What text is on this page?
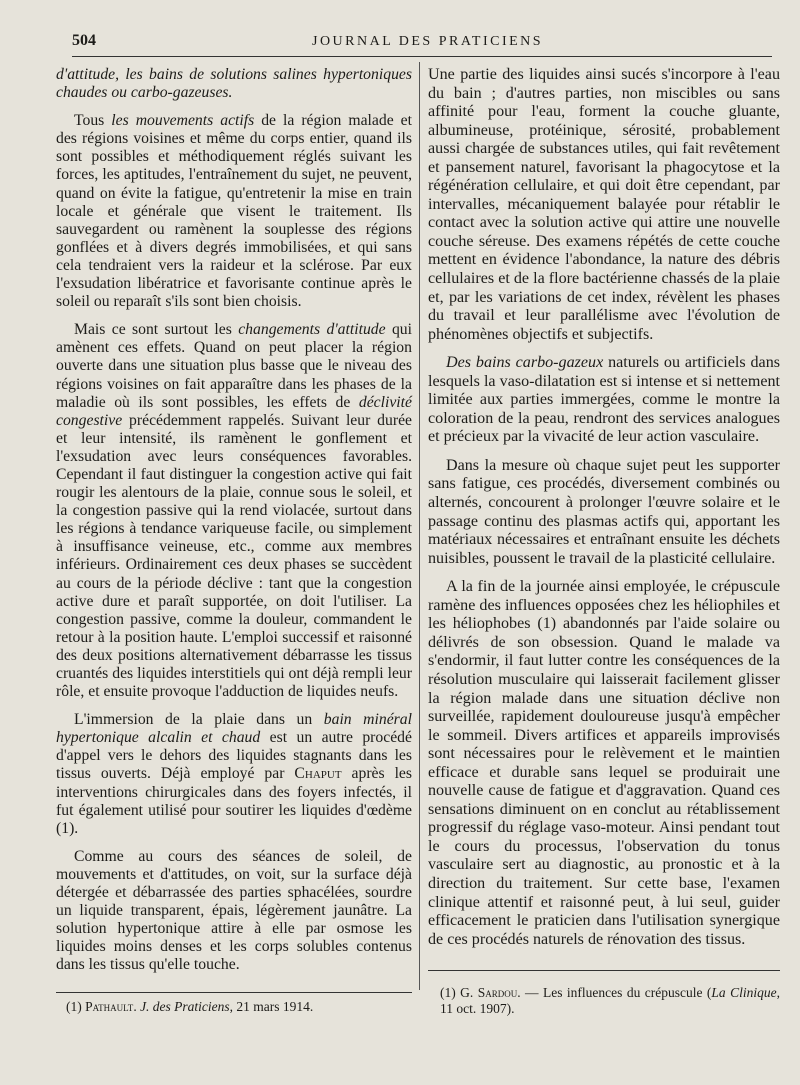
504	JOURNAL DES PRATICIENS

d'attitude, les bains de solutions salines hypertoniques chaudes ou carbo-gazeuses.

Tous les mouvements actifs de la région malade et des régions voisines et même du corps entier, quand ils sont possibles et méthodiquement réglés suivant les forces, les aptitudes, l'entraînement du sujet, ne peuvent, quand on évite la fatigue, qu'entretenir la mise en train locale et générale que visent le traitement. Ils sauvegardent ou ramènent la souplesse des régions gonflées et à divers degrés immobilisées, et qui sans cela tendraient vers la raideur et la sclérose. Par eux l'exsudation libératrice et favorisante continue après le soleil ou reparaît s'ils sont bien choisis.

Mais ce sont surtout les changements d'attitude qui amènent ces effets. Quand on peut placer la région ouverte dans une situation plus basse que le niveau des régions voisines on fait apparaître dans les phases de la maladie où ils sont possibles, les effets de déclivité congestive précédemment rappelés. Suivant leur durée et leur intensité, ils ramènent le gonflement et l'exsudation avec leurs conséquences favorables. Cependant il faut distinguer la congestion active qui fait rougir les alentours de la plaie, connue sous le soleil, et la congestion passive qui la rend violacée, surtout dans les régions à tendance variqueuse facile, ou simplement à insuffisance veineuse, etc., comme aux membres inférieurs. Ordinairement ces deux phases se succèdent au cours de la période déclive : tant que la congestion active dure et paraît supportée, on doit l'utiliser. La congestion passive, comme la douleur, commandent le retour à la position haute. L'emploi successif et raisonné des deux positions alternativement débarrasse les tissus cruantés des liquides interstitiels qui ont déjà rempli leur rôle, et ensuite provoque l'adduction de liquides neufs.

L'immersion de la plaie dans un bain minéral hypertonique alcalin et chaud est un autre procédé d'appel vers le dehors des liquides stagnants dans les tissus ouverts. Déjà employé par Chaput après les interventions chirurgicales dans des foyers infectés, il fut également utilisé pour soutirer les liquides d'œdème (1).

Comme au cours des séances de soleil, de mouvements et d'attitudes, on voit, sur la surface déjà détergée et débarrassée des parties sphacélées, sourdre un liquide transparent, épais, légèrement jaunâtre. La solution hypertonique attire à elle par osmose les liquides moins denses et les corps solubles contenus dans les tissus qu'elle touche.

Une partie des liquides ainsi sucés s'incorpore à l'eau du bain ; d'autres parties, non miscibles ou sans affinité pour l'eau, forment la couche gluante, albumineuse, protéinique, sérosité, probablement aussi chargée de substances utiles, qui fait revêtement et pansement naturel, favorisant la phagocytose et la régénération cellulaire, et qui doit être cependant, par intervalles, mécaniquement balayée pour rétablir le contact avec la solution active qui attire une nouvelle couche séreuse. Des examens répétés de cette couche mettent en évidence l'abondance, la nature des débris cellulaires et de la flore bactérienne chassés de la plaie et, par les variations de cet index, révèlent les phases du travail et leur parallélisme avec l'évolution de phénomènes objectifs et subjectifs.

Des bains carbo-gazeux naturels ou artificiels dans lesquels la vaso-dilatation est si intense et si nettement limitée aux parties immergées, comme le montre la coloration de la peau, rendront des services analogues et précieux par la vivacité de leur action vasculaire.

Dans la mesure où chaque sujet peut les supporter sans fatigue, ces procédés, diversement combinés ou alternés, concourent à prolonger l'œuvre solaire et le passage continu des plasmas actifs qui, apportant les matériaux nécessaires et entraînant ensuite les déchets nuisibles, poussent le travail de la plasticité cellulaire.

A la fin de la journée ainsi employée, le crépuscule ramène des influences opposées chez les héliophiles et les héliophobes (1) abandonnés par l'aide solaire ou délivrés de son obsession. Quand le malade va s'endormir, il faut lutter contre les conséquences de la résolution musculaire qui laisserait facilement glisser la région malade dans une situation déclive non surveillée, rapidement douloureuse jusqu'à empêcher le sommeil. Divers artifices et appareils improvisés sont nécessaires pour le relèvement et le maintien efficace et durable sans lequel se produirait une nouvelle cause de fatigue et d'aggravation. Quand ces sensations diminuent on en conclut au rétablissement progressif du réglage vaso-moteur. Ainsi pendant tout le cours du processus, l'observation du tonus vasculaire sert au diagnostic, au pronostic et à la direction du traitement. Sur cette base, l'examen clinique attentif et raisonné peut, à lui seul, guider efficacement le praticien dans l'utilisation synergique de ces procédés naturels de rénovation des tissus.

(1) Pathault. J. des Praticiens, 21 mars 1914.
(1) G. Sardou. — Les influences du crépuscule (La Clinique, 11 oct. 1907).
